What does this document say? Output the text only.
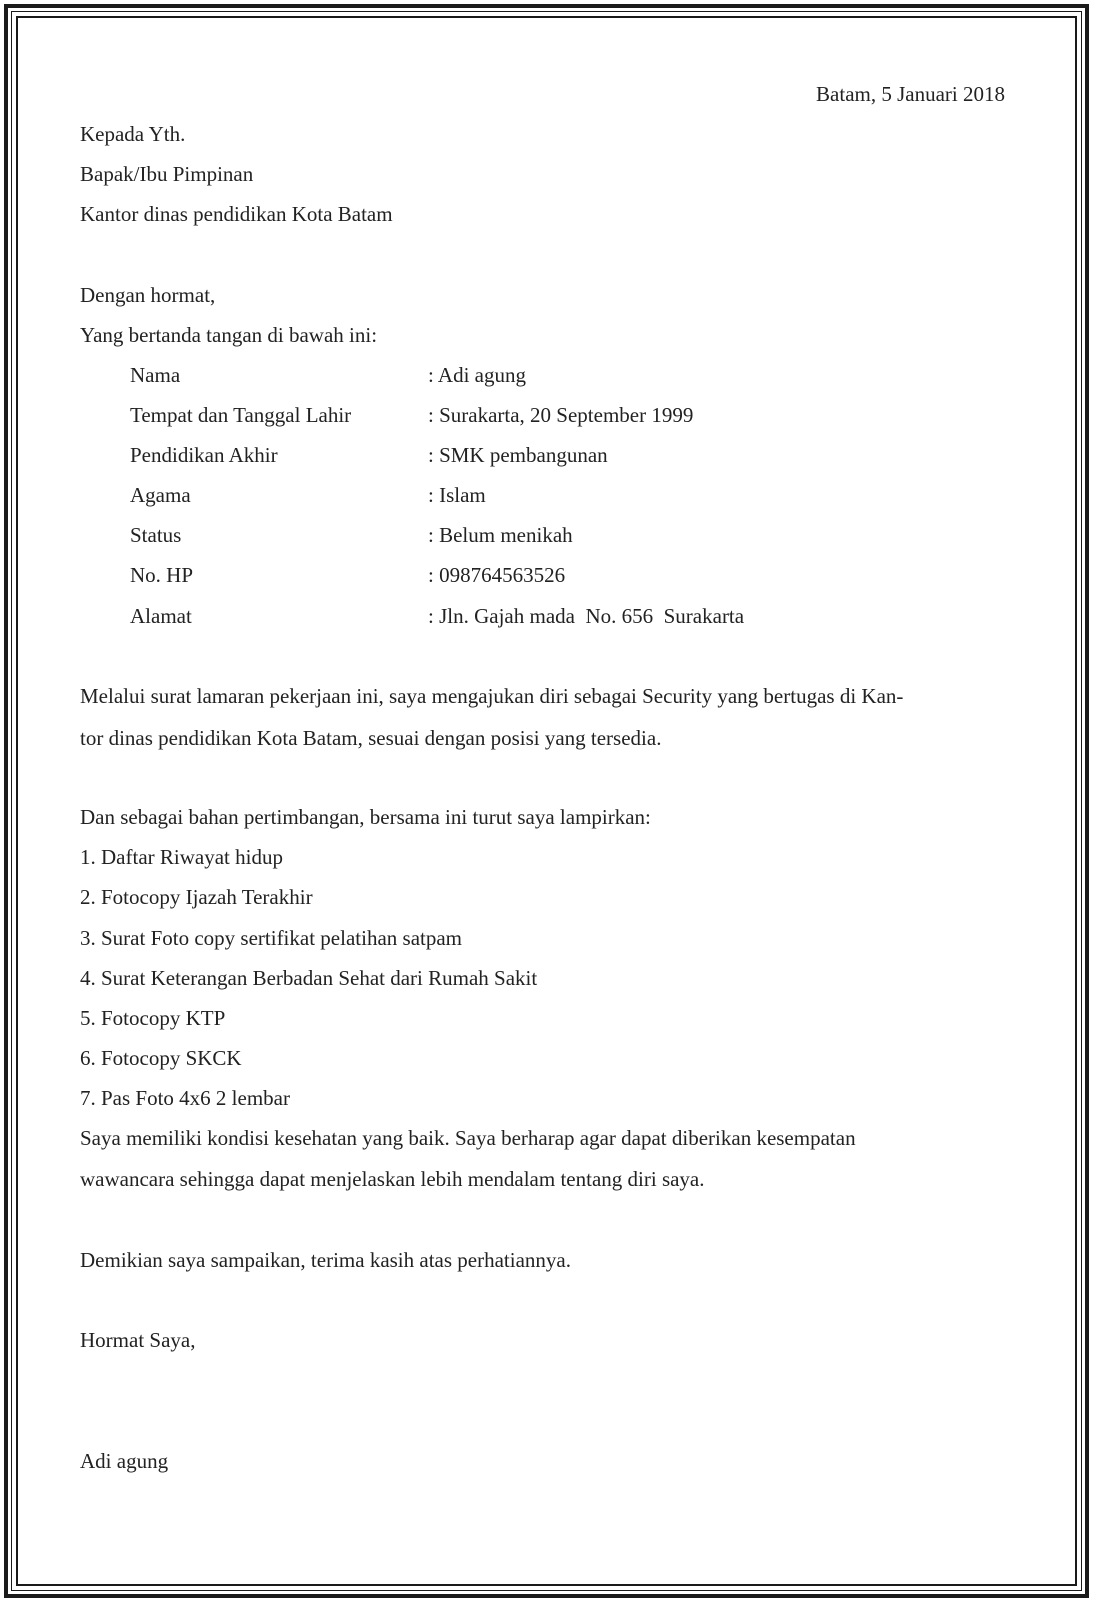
Batam, 5 Januari 2018
Kepada Yth.
Bapak/Ibu Pimpinan
Kantor dinas pendidikan Kota Batam
Dengan hormat,
Yang bertanda tangan di bawah ini:
Nama	: Adi agung
Tempat dan Tanggal Lahir	: Surakarta, 20 September 1999
Pendidikan Akhir	: SMK pembangunan
Agama	: Islam
Status	: Belum menikah
No. HP	: 098764563526
Alamat	: Jln. Gajah mada  No. 656  Surakarta
Melalui surat lamaran pekerjaan ini, saya mengajukan diri sebagai Security yang bertugas di Kan-
tor dinas pendidikan Kota Batam, sesuai dengan posisi yang tersedia.
Dan sebagai bahan pertimbangan, bersama ini turut saya lampirkan:
1. Daftar Riwayat hidup
2. Fotocopy Ijazah Terakhir
3. Surat Foto copy sertifikat pelatihan satpam
4. Surat Keterangan Berbadan Sehat dari Rumah Sakit
5. Fotocopy KTP
6. Fotocopy SKCK
7. Pas Foto 4x6 2 lembar
Saya memiliki kondisi kesehatan yang baik. Saya berharap agar dapat diberikan kesempatan
wawancara sehingga dapat menjelaskan lebih mendalam tentang diri saya.
Demikian saya sampaikan, terima kasih atas perhatiannya.
Hormat Saya,
Adi agung
